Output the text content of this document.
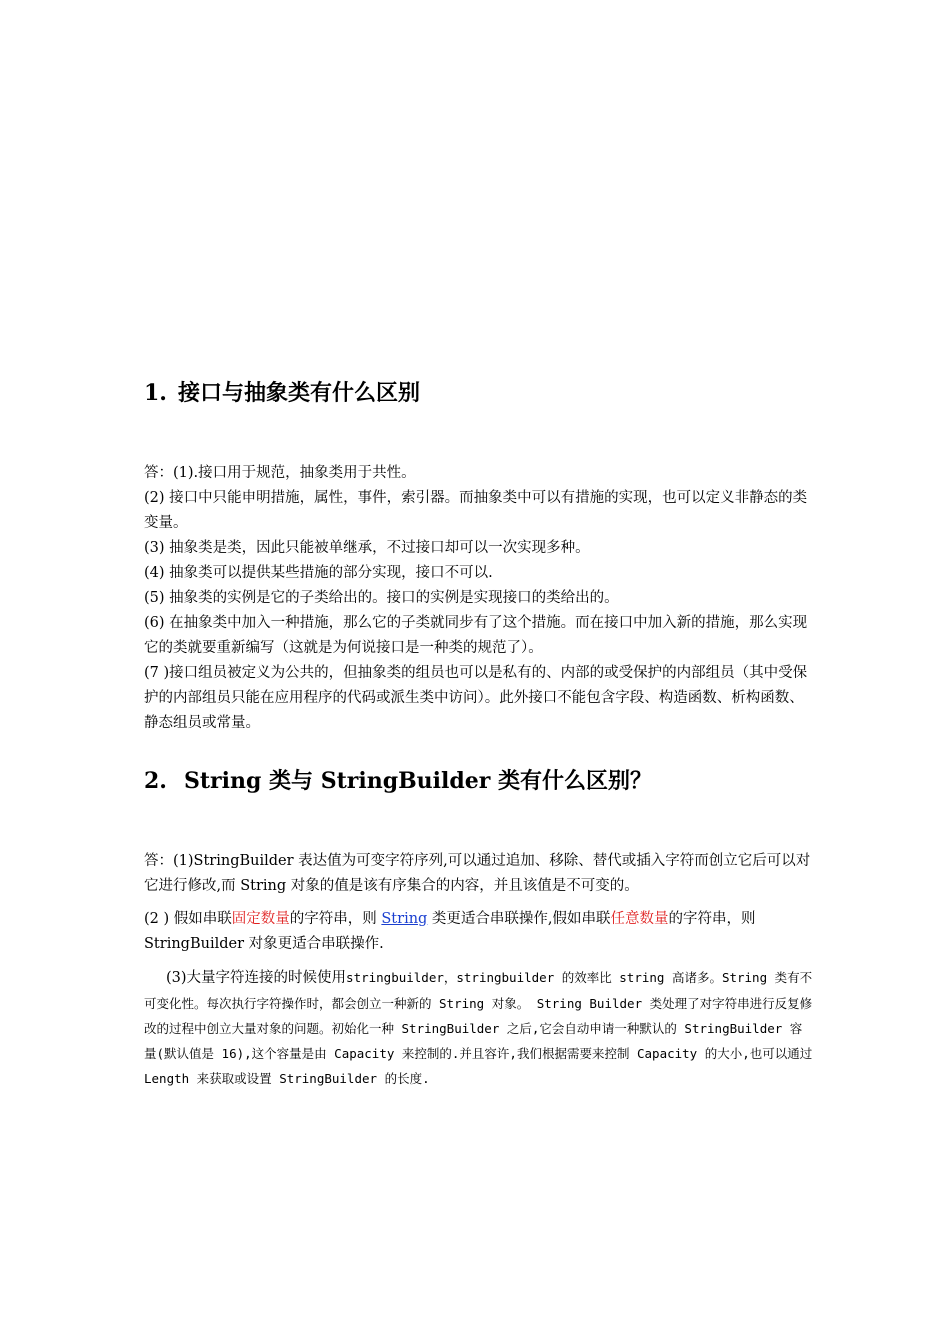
1. 接口与抽象类有什么区别

答：(1).接口用于规范，抽象类用于共性。

(2) 接口中只能申明措施，属性，事件，索引器。而抽象类中可以有措施的实现，也可以定义非静态的类变量。

(3) 抽象类是类，因此只能被单继承，不过接口却可以一次实现多种。

(4) 抽象类可以提供某些措施的部分实现，接口不可以.

(5) 抽象类的实例是它的子类给出的。接口的实例是实现接口的类给出的。

(6) 在抽象类中加入一种措施，那么它的子类就同步有了这个措施。而在接口中加入新的措施，那么实现它的类就要重新编写（这就是为何说接口是一种类的规范了）。

(7 )接口组员被定义为公共的，但抽象类的组员也可以是私有的、内部的或受保护的内部组员（其中受保护的内部组员只能在应用程序的代码或派生类中访问）。此外接口不能包含字段、构造函数、析构函数、静态组员或常量。

2. String 类与 StringBuilder 类有什么区别？

答：(1)StringBuilder 表达值为可变字符序列,可以通过追加、移除、替代或插入字符而创立它后可以对它进行修改,而 String 对象的值是该有序集合的内容，并且该值是不可变的。

(2 ) 假如串联固定数量的字符串，则 String 类更适合串联操作,假如串联任意数量的字符串，则 StringBuilder 对象更适合串联操作.

(3)大量字符连接的时候使用stringbuilder，stringbuilder 的效率比 string 高诸多。String 类有不可变化性。每次执行字符操作时，都会创立一种新的 String 对象。 String Builder 类处理了对字符串进行反复修改的过程中创立大量对象的问题。初始化一种 StringBuilder 之后,它会自动申请一种默认的 StringBuilder 容量(默认值是 16),这个容量是由 Capacity 来控制的.并且容许,我们根据需要来控制 Capacity 的大小,也可以通过 Length 来获取或设置 StringBuilder 的长度.
